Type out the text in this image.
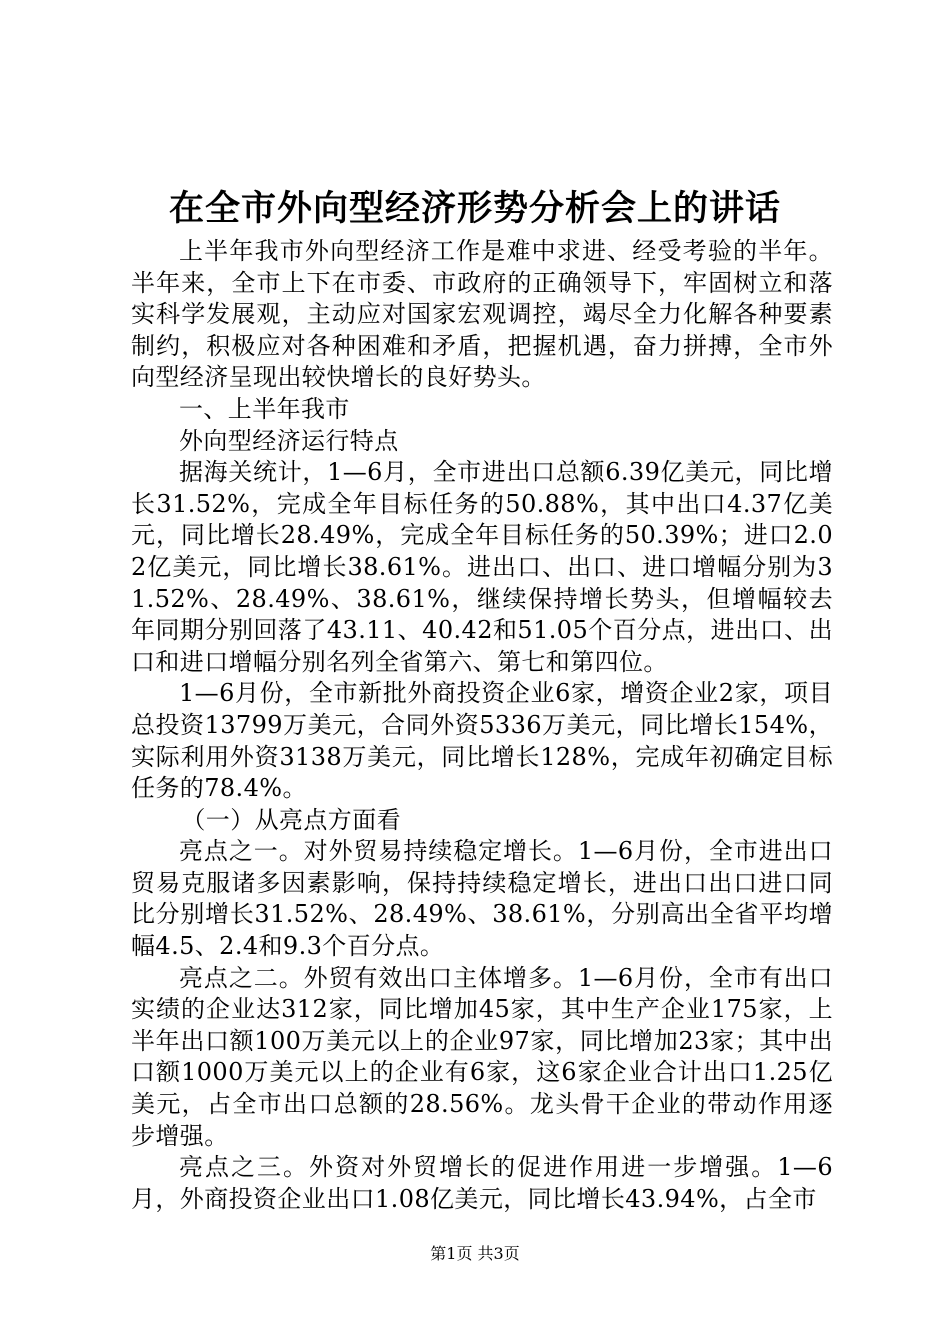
在全市外向型经济形势分析会上的讲话

上半年我市外向型经济工作是难中求进、经受考验的半年。半年来，全市上下在市委、市政府的正确领导下，牢固树立和落实科学发展观，主动应对国家宏观调控，竭尽全力化解各种要素制约，积极应对各种困难和矛盾，把握机遇，奋力拼搏，全市外向型经济呈现出较快增长的良好势头。

一、上半年我市

外向型经济运行特点

据海关统计，1—6月，全市进出口总额6.39亿美元，同比增长31.52%，完成全年目标任务的50.88%，其中出口4.37亿美元，同比增长28.49%，完成全年目标任务的50.39%；进口2.02亿美元，同比增长38.61%。进出口、出口、进口增幅分别为31.52%、28.49%、38.61%，继续保持增长势头，但增幅较去年同期分别回落了43.11、40.42和51.05个百分点，进出口、出口和进口增幅分别名列全省第六、第七和第四位。

1—6月份，全市新批外商投资企业6家，增资企业2家，项目总投资13799万美元，合同外资5336万美元，同比增长154%，实际利用外资3138万美元，同比增长128%，完成年初确定目标任务的78.4%。

（一）从亮点方面看

亮点之一。对外贸易持续稳定增长。1—6月份，全市进出口贸易克服诸多因素影响，保持持续稳定增长，进出口出口进口同比分别增长31.52%、28.49%、38.61%，分别高出全省平均增幅4.5、2.4和9.3个百分点。

亮点之二。外贸有效出口主体增多。1—6月份，全市有出口实绩的企业达312家，同比增加45家，其中生产企业175家，上半年出口额100万美元以上的企业97家，同比增加23家；其中出口额1000万美元以上的企业有6家，这6家企业合计出口1.25亿美元，占全市出口总额的28.56%。龙头骨干企业的带动作用逐步增强。

亮点之三。外资对外贸增长的促进作用进一步增强。1—6月，外商投资企业出口1.08亿美元，同比增长43.94%，占全市

第1页 共3页
